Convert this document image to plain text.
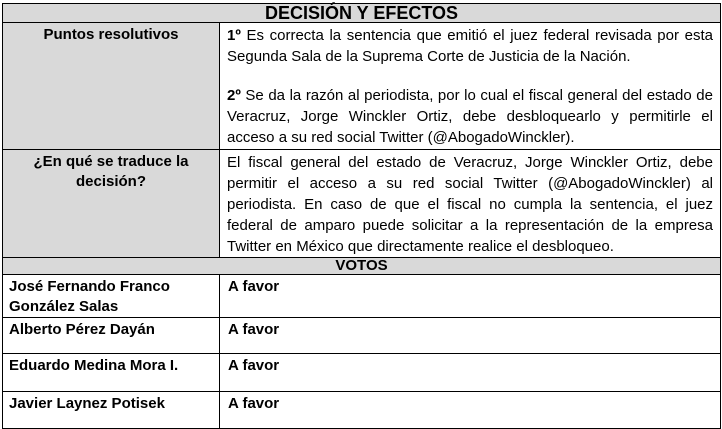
DECISIÓN Y EFECTOS	
Puntos resolutivos	1º Es correcta la sentencia que emitió el juez federal revisada por esta Segunda Sala de la Suprema Corte de Justicia de la Nación.

2º Se da la razón al periodista, por lo cual el fiscal general del estado de Veracruz, Jorge Winckler Ortiz, debe desbloquearlo y permitirle el acceso a su red social Twitter (@AbogadoWinckler).

¿En qué se traduce la decisión?	El fiscal general del estado de Veracruz, Jorge Winckler Ortiz, debe permitir el acceso a su red social Twitter (@AbogadoWinckler) al periodista. En caso de que el fiscal no cumpla la sentencia, el juez federal de amparo puede solicitar a la representación de la empresa Twitter en México que directamente realice el desbloqueo.
VOTOS	
José Fernando Franco González Salas	A favor
Alberto Pérez Dayán	A favor
Eduardo Medina Mora I.	A favor
Javier Laynez Potisek	A favor
